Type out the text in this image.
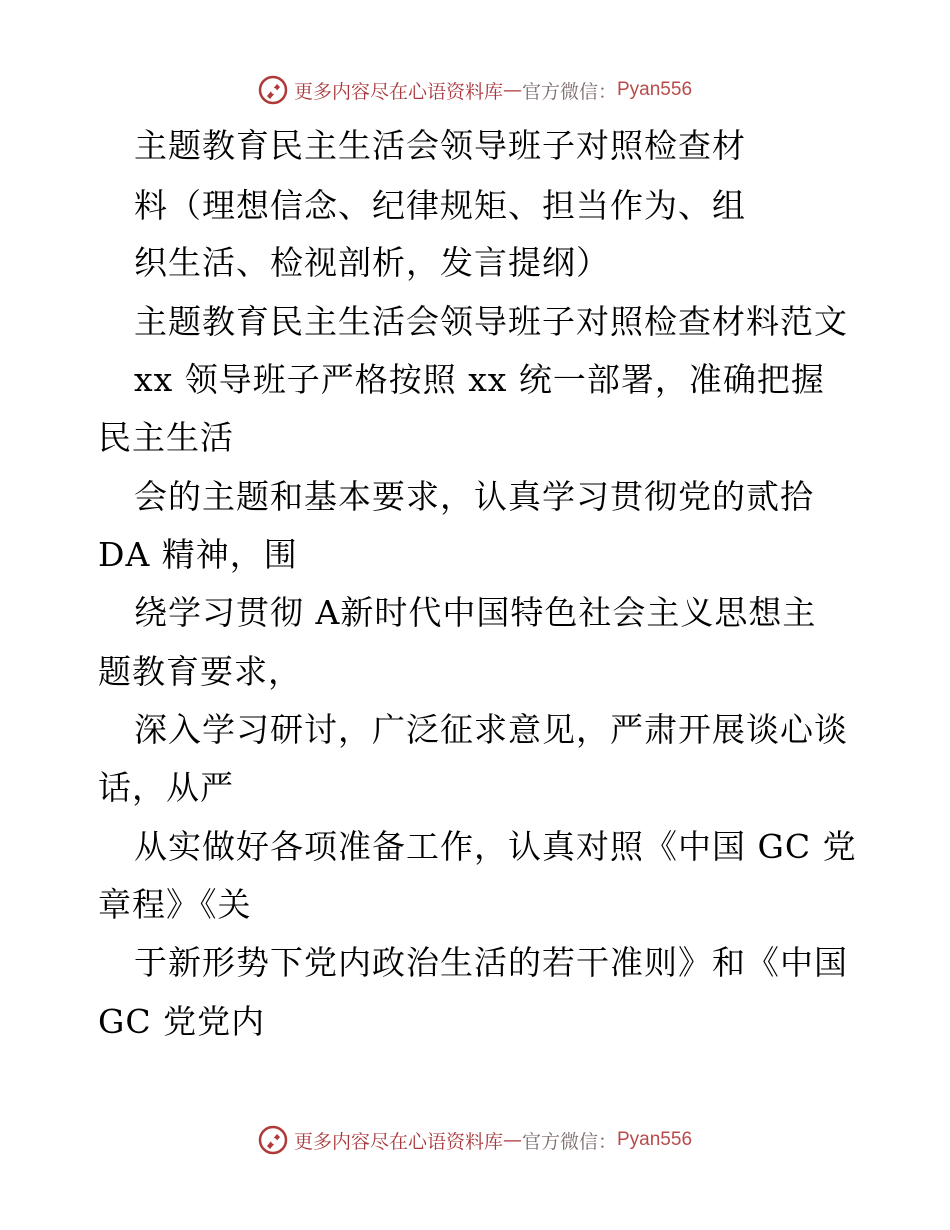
更多内容尽在心语资料库 — 官方微信： Pyan556
主题教育民主生活会领导班子对照检查材
料（理想信念、纪律规矩、担当作为、组
织生活、检视剖析，发言提纲）
主题教育民主生活会领导班子对照检查材料范文
xx 领导班子严格按照 xx 统一部署，准确把握
民主生活
会的主题和基本要求，认真学习贯彻党的贰拾
DA 精神，围
绕学习贯彻 A新时代中国特色社会主义思想主
题教育要求，
深入学习研讨，广泛征求意见，严肃开展谈心谈
话，从严
从实做好各项准备工作，认真对照《中国 GC 党
章程》《关
于新形势下党内政治生活的若干准则》和《中国
GC 党党内
更多内容尽在心语资料库 — 官方微信： Pyan556
